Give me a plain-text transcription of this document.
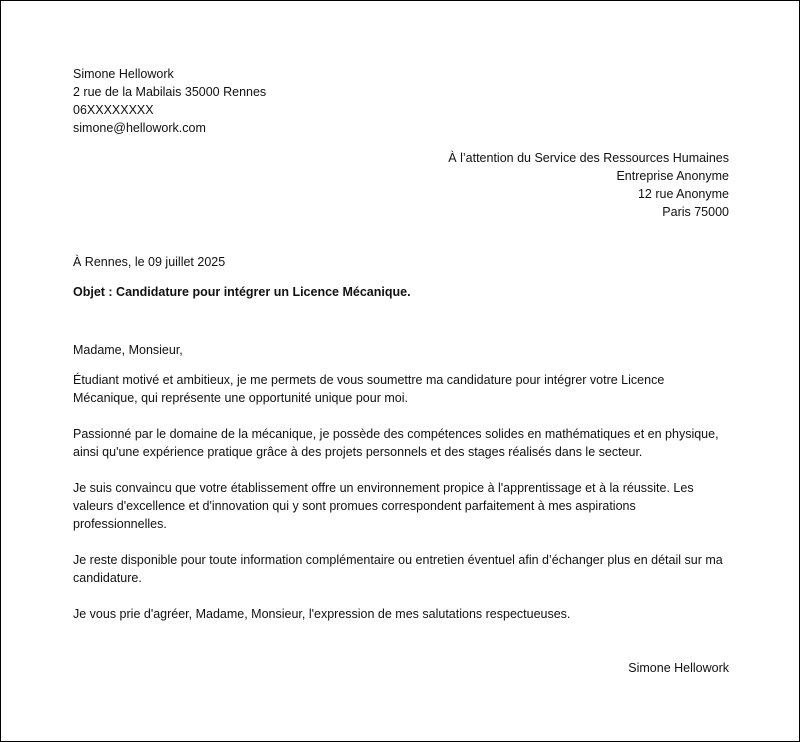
Simone Hellowork
2 rue de la Mabilais 35000 Rennes
06XXXXXXXX
simone@hellowork.com
À l’attention du Service des Ressources Humaines
Entreprise Anonyme
12 rue Anonyme
Paris 75000
À Rennes, le 09 juillet 2025
Objet : Candidature pour intégrer un Licence Mécanique.
Madame, Monsieur,

Étudiant motivé et ambitieux, je me permets de vous soumettre ma candidature pour intégrer votre Licence Mécanique, qui représente une opportunité unique pour moi.

Passionné par le domaine de la mécanique, je possède des compétences solides en mathématiques et en physique, ainsi qu'une expérience pratique grâce à des projets personnels et des stages réalisés dans le secteur.

Je suis convaincu que votre établissement offre un environnement propice à l'apprentissage et à la réussite. Les valeurs d'excellence et d'innovation qui y sont promues correspondent parfaitement à mes aspirations professionnelles.

Je reste disponible pour toute information complémentaire ou entretien éventuel afin d’échanger plus en détail sur ma candidature.

Je vous prie d'agréer, Madame, Monsieur, l'expression de mes salutations respectueuses.
Simone Hellowork
